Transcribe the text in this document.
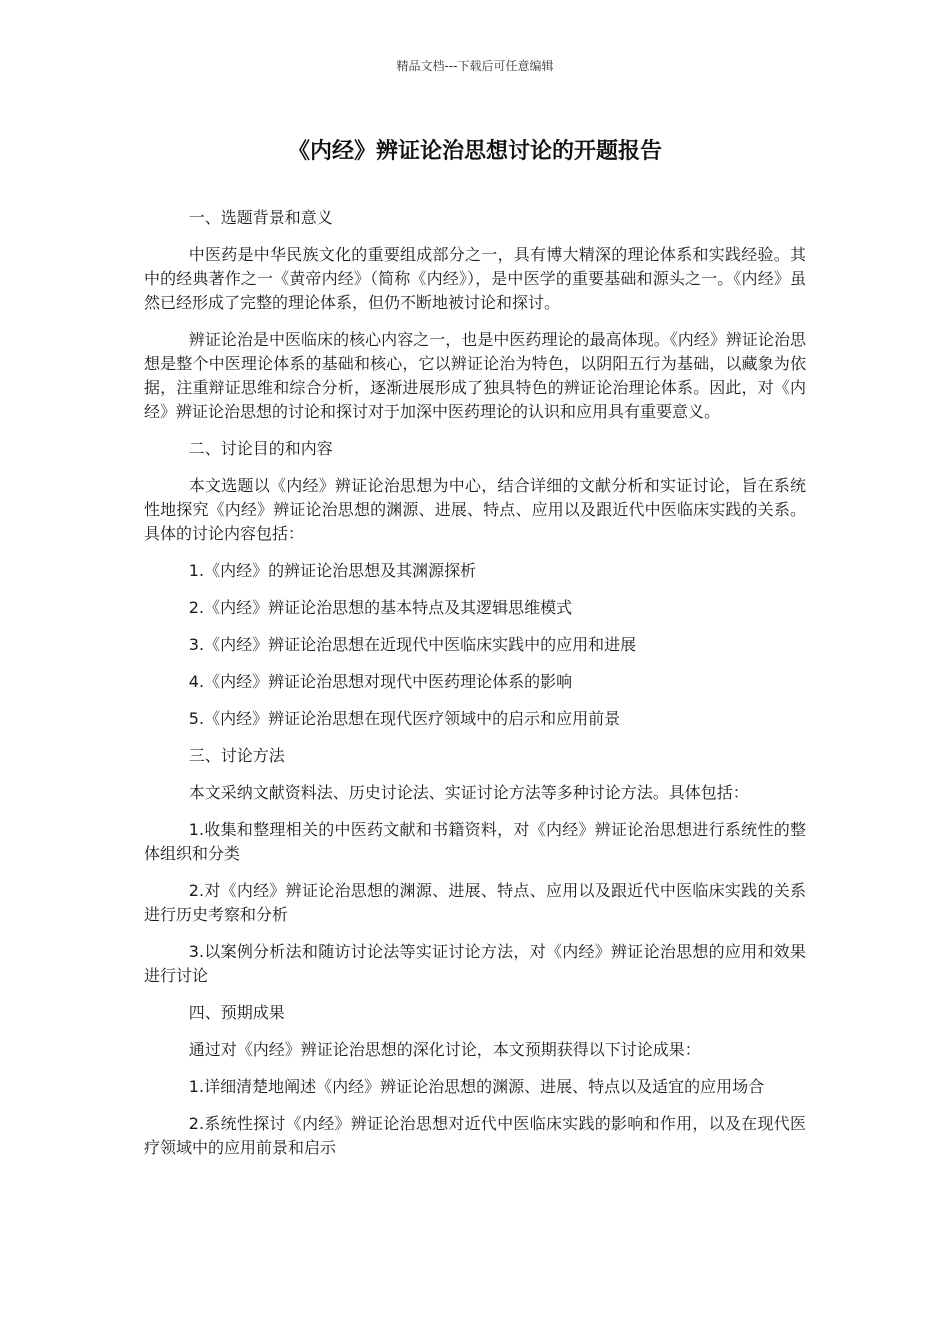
精品文档---下载后可任意编辑
《内经》辨证论治思想讨论的开题报告

一、选题背景和意义

中医药是中华民族文化的重要组成部分之一，具有博大精深的理论体系和实践经验。其中的经典著作之一《黄帝内经》（简称《内经》），是中医学的重要基础和源头之一。《内经》虽然已经形成了完整的理论体系，但仍不断地被讨论和探讨。

辨证论治是中医临床的核心内容之一，也是中医药理论的最高体现。《内经》辨证论治思想是整个中医理论体系的基础和核心，它以辨证论治为特色，以阴阳五行为基础，以藏象为依据，注重辩证思维和综合分析，逐渐进展形成了独具特色的辨证论治理论体系。因此，对《内经》辨证论治思想的讨论和探讨对于加深中医药理论的认识和应用具有重要意义。

二、讨论目的和内容

本文选题以《内经》辨证论治思想为中心，结合详细的文献分析和实证讨论，旨在系统性地探究《内经》辨证论治思想的渊源、进展、特点、应用以及跟近代中医临床实践的关系。具体的讨论内容包括：

1.《内经》的辨证论治思想及其渊源探析

2.《内经》辨证论治思想的基本特点及其逻辑思维模式

3.《内经》辨证论治思想在近现代中医临床实践中的应用和进展

4.《内经》辨证论治思想对现代中医药理论体系的影响

5.《内经》辨证论治思想在现代医疗领域中的启示和应用前景

三、讨论方法

本文采纳文献资料法、历史讨论法、实证讨论方法等多种讨论方法。具体包括：

1.收集和整理相关的中医药文献和书籍资料，对《内经》辨证论治思想进行系统性的整体组织和分类

2.对《内经》辨证论治思想的渊源、进展、特点、应用以及跟近代中医临床实践的关系进行历史考察和分析

3.以案例分析法和随访讨论法等实证讨论方法，对《内经》辨证论治思想的应用和效果进行讨论

四、预期成果

通过对《内经》辨证论治思想的深化讨论，本文预期获得以下讨论成果：

1.详细清楚地阐述《内经》辨证论治思想的渊源、进展、特点以及适宜的应用场合

2.系统性探讨《内经》辨证论治思想对近代中医临床实践的影响和作用，以及在现代医疗领域中的应用前景和启示
